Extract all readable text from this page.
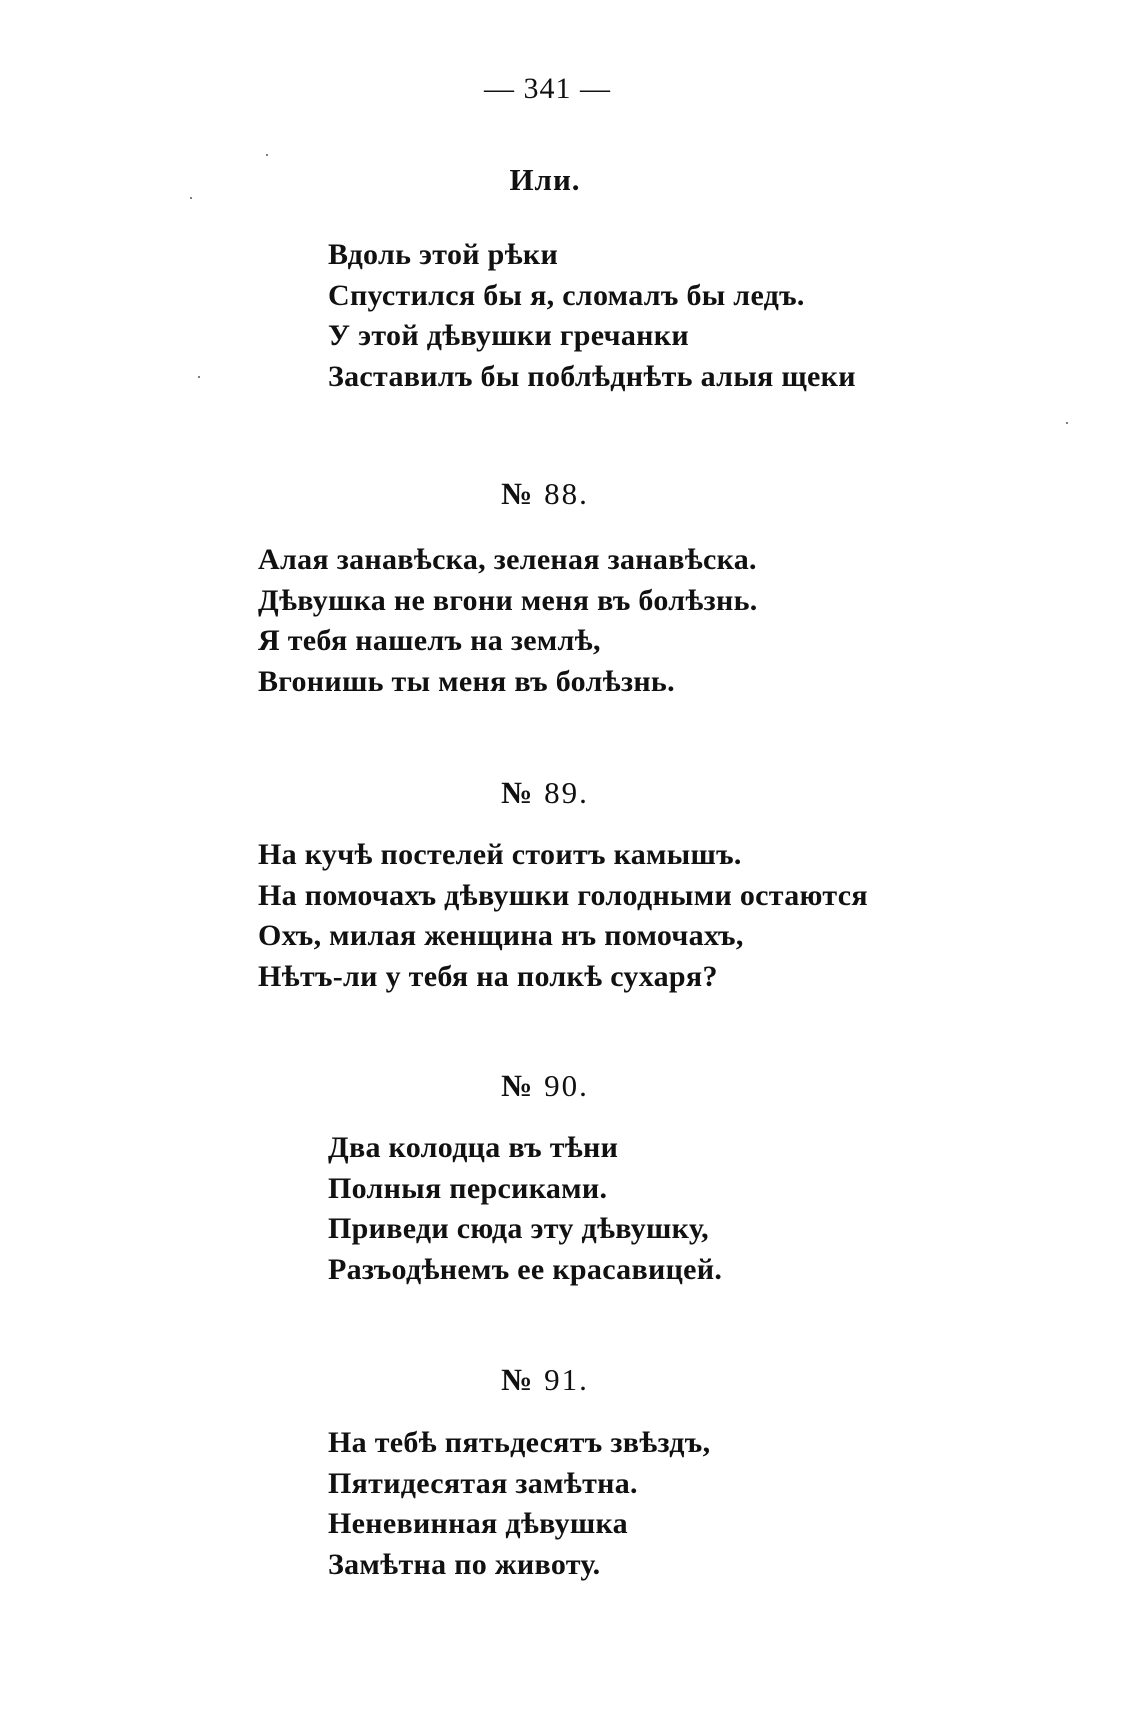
— 341 —
Или.
Вдоль этой рѣки
Спустился бы я, сломалъ бы ледъ.
У этой дѣвушки гречанки
Заставилъ бы поблѣднѣть алыя щеки
№ 88.
Алая занавѣска, зеленая занавѣска.
Дѣвушка не вгони меня въ болѣзнь.
Я тебя нашелъ на землѣ,
Вгонишь ты меня въ болѣзнь.
№ 89.
На кучѣ постелей стоитъ камышъ.
На помочахъ дѣвушки голодными остаются
Охъ, милая женщина нъ помочахъ,
Нѣтъ-ли у тебя на полкѣ сухаря?
№ 90.
Два колодца въ тѣни
Полныя персиками.
Приведи сюда эту дѣвушку,
Разъодѣнемъ ее красавицей.
№ 91.
На тебѣ пятьдесятъ звѣздъ,
Пятидесятая замѣтна.
Неневинная дѣвушка
Замѣтна по животу.
